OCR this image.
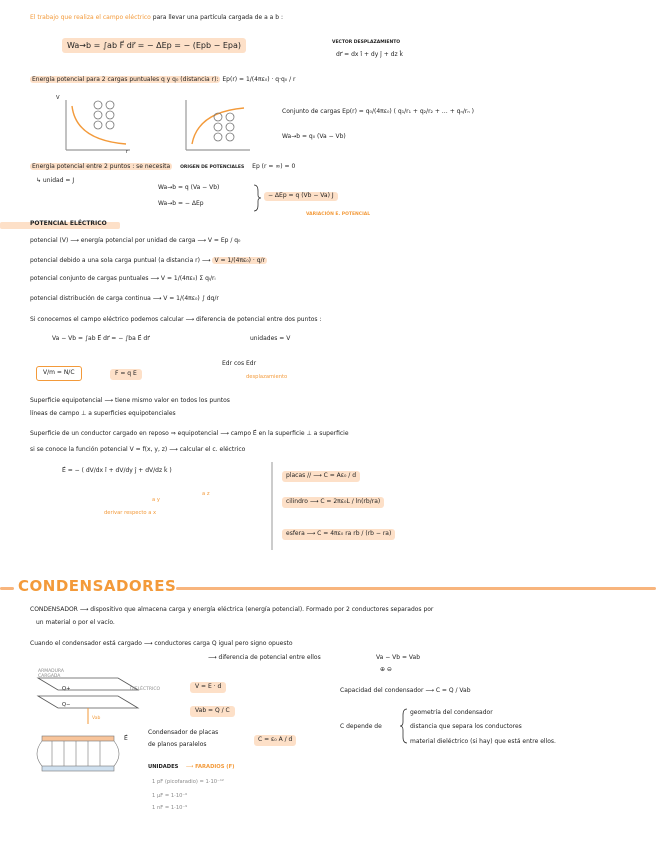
El trabajo que realiza el campo eléctrico para llevar una partícula cargada de a a b :
Wa→b = ∫ab F⃗ dr⃗ = − ΔEp = − (Epb − Epa)	VECTOR DESPLAZAMIENTO
dr⃗ = dx î + dy ĵ + dz k̂
Energía potencial para 2 cargas puntuales q y q₀ (distancia r): Ep(r) = 1/(4πε₀) · q·q₀ / r
V
r
Conjunto de cargas Ep(r) = q₀/(4πε₀) ( q₁/r₁ + q₂/r₂ + … + qₙ/rₙ )
Wa→b = q₀ (Va − Vb)
Energía potencial entre 2 puntos : se necesita ORIGEN DE POTENCIALES Ep (r = ∞) = 0
↳ unidad = J
Wa→b = q (Va − Vb)
Wa→b = − ΔEp
− ΔEp = q (Vb − Va) J
VARIACIÓN E. POTENCIAL
POTENCIAL ELÉCTRICO
potencial (V) ⟶ energía potencial por unidad de carga ⟶ V = Ep / q₀
potencial debido a una sola carga puntual (a distancia r) ⟶ V = 1/(4πε₀) · q/r
potencial conjunto de cargas puntuales ⟶ V = 1/(4πε₀) Σ qᵢ/rᵢ
potencial distribución de carga continua ⟶ V = 1/(4πε₀) ∫ dq/r
Si conocemos el campo eléctrico podemos calcular ⟶ diferencia de potencial entre dos puntos :
Va − Vb = ∫ab E⃗ dr⃗ = − ∫ba E⃗ dr⃗	unidades = V
V/m = N/C	F = q E
Edr cos Edr
desplazamiento
Superficie equipotencial ⟶ tiene mismo valor en todos los puntos
líneas de campo ⊥ a superficies equipotenciales
Superficie de un conductor cargado en reposo ⇒ equipotencial ⟶ campo E⃗ en la superficie ⊥ a superficie
si se conoce la función potencial V = f(x, y, z) ⟶ calcular el c. eléctrico
E⃗ = − ( dV/dx î + dV/dy ĵ + dV/dz k̂ )
a y
a z
derivar respecto a x
placas // ⟶ C = Aε₀ / d
cilindro ⟶ C = 2πε₀L / ln(rb/ra)
esfera ⟶ C = 4πε₀ ra rb / (rb − ra)
CONDENSADORES
CONDENSADOR ⟶ dispositivo que almacena carga y energía eléctrica (energía potencial). Formado por 2 conductores separados por
un material o por el vacío.
Cuando el condensador está cargado ⟶ conductores carga Q igual pero signo opuesto
⟶ diferencia de potencial entre ellos	Va − Vb = Vab
⊕ ⊖
ARMADURA CARGADA
DIELÉCTRICO
Q+
Q−
Vab
V = E · d
Vab = Q / C
Capacidad del condensador ⟶ C = Q / Vab
C depende de
geometría del condensador
distancia que separa los conductores
material dieléctrico (si hay) que está entre ellos.
E⃗
Condensador de placas
de planos paralelos
C = ε₀ A / d
UNIDADES ⟶ FARADIOS (F)
1 pF (picofaradio) = 1·10⁻¹²
1 µF = 1·10⁻⁶
1 nF = 1·10⁻⁹
